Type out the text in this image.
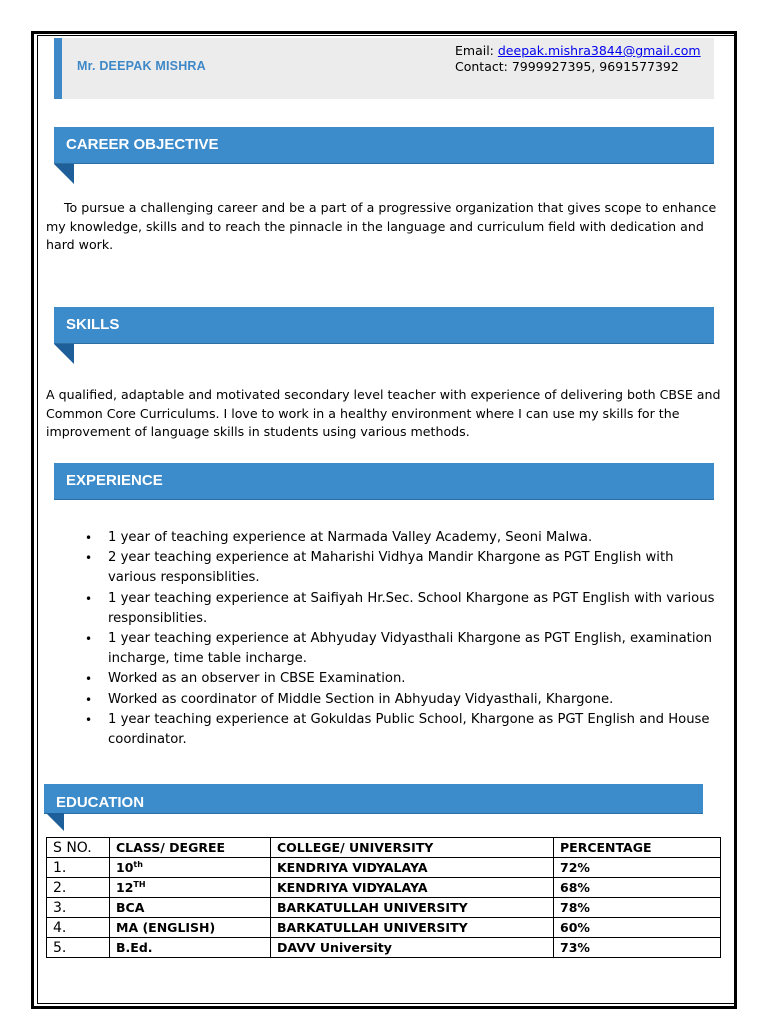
Mr. DEEPAK MISHRA
Email: deepak.mishra3844@gmail.com
Contact: 7999927395, 9691577392
CAREER OBJECTIVE
To pursue a challenging career and be a part of a progressive organization that gives scope to enhance my knowledge, skills and to reach the pinnacle in the language and curriculum field with dedication and hard work.
SKILLS
A qualified, adaptable and motivated secondary level teacher with experience of delivering both CBSE and Common Core Curriculums. I love to work in a healthy environment where I can use my skills for the improvement of language skills in students using various methods.
EXPERIENCE
• 1 year of teaching experience at Narmada Valley Academy, Seoni Malwa.
• 2 year teaching experience at Maharishi Vidhya Mandir Khargone as PGT English with various responsiblities.
• 1 year teaching experience at Saifiyah Hr.Sec. School Khargone as PGT English with various responsiblities.
• 1 year teaching experience at Abhyuday Vidyasthali Khargone as PGT English, examination incharge, time table incharge.
• Worked as an observer in CBSE Examination.
• Worked as coordinator of Middle Section in Abhyuday Vidyasthali, Khargone.
• 1 year teaching experience at Gokuldas Public School, Khargone as PGT English and House coordinator.
EDUCATION
S NO.	CLASS/ DEGREE	COLLEGE/ UNIVERSITY	PERCENTAGE
1.	10th	KENDRIYA VIDYALAYA	72%
2.	12TH	KENDRIYA VIDYALAYA	68%
3.	BCA	BARKATULLAH UNIVERSITY	78%
4.	MA (ENGLISH)	BARKATULLAH UNIVERSITY	60%
5.	B.Ed.	DAVV University	73%
